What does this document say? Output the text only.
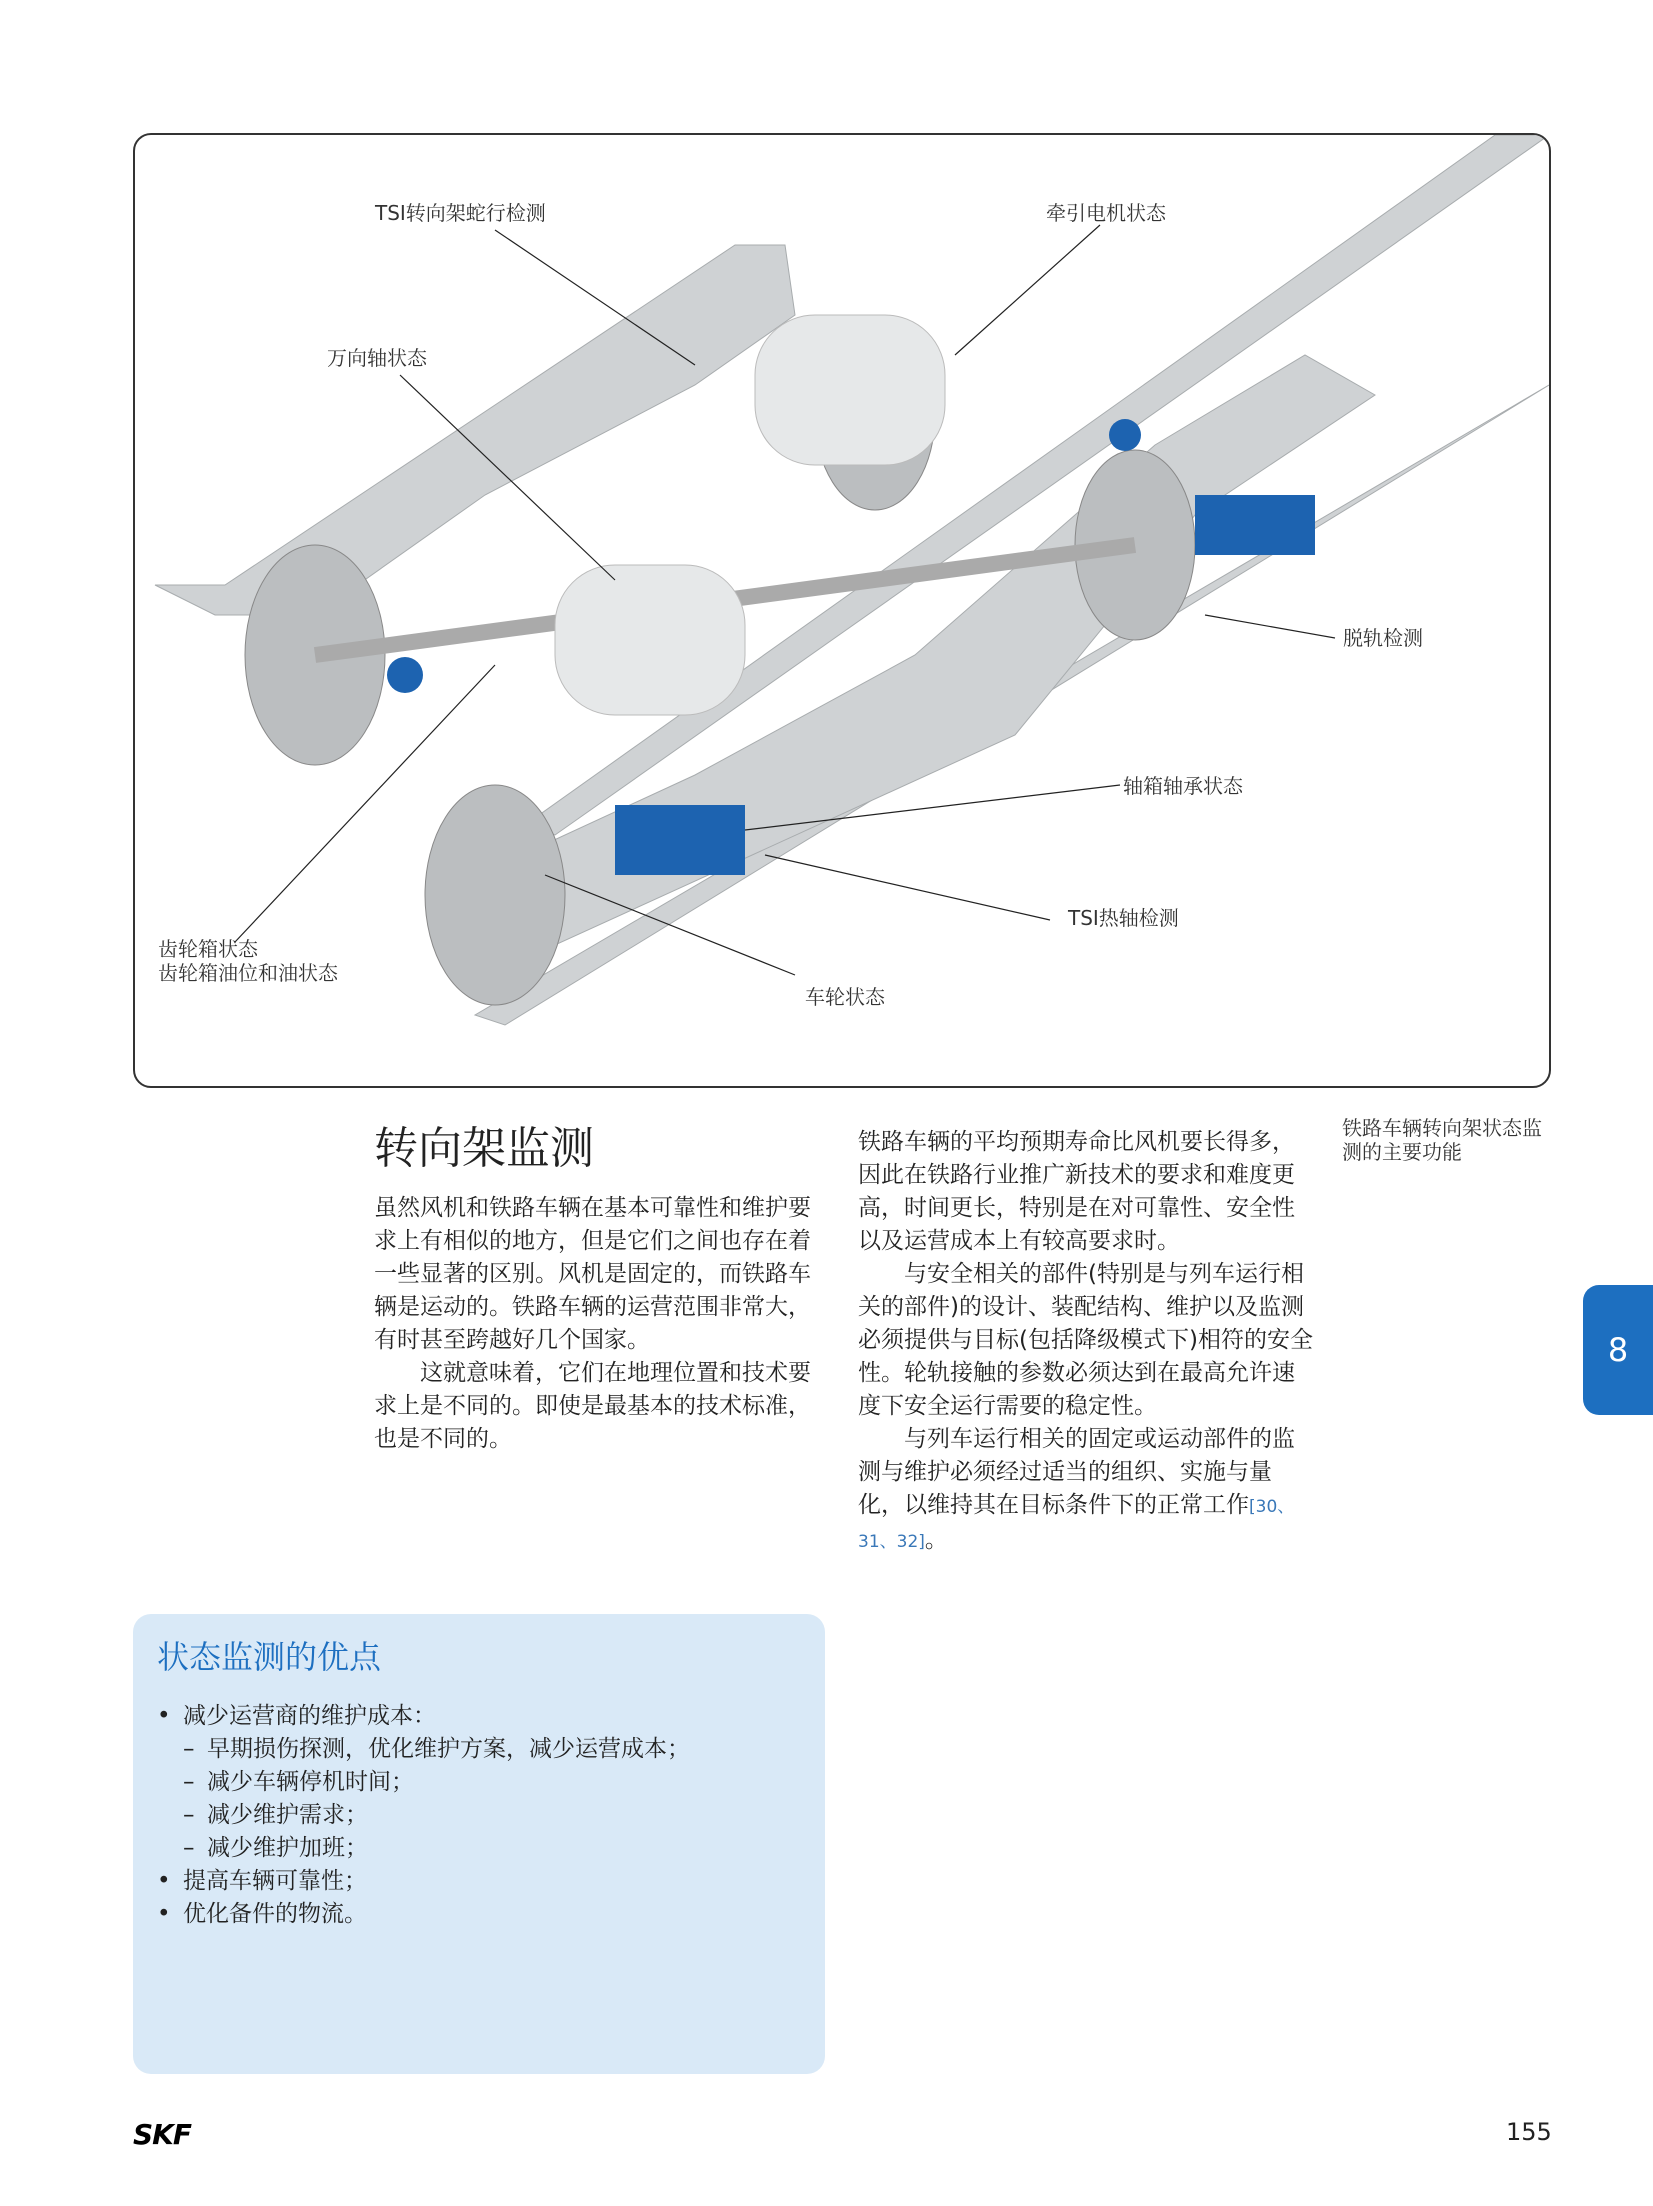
TSI转向架蛇行检测	牵引电机状态
万向轴状态
脱轨检测
轴箱轴承状态
TSI热轴检测
齿轮箱状态
齿轮箱油位和油状态
车轮状态
转向架监测

虽然风机和铁路车辆在基本可靠性和维护要求上有相似的地方，但是它们之间也存在着一些显著的区别。风机是固定的，而铁路车辆是运动的。铁路车辆的运营范围非常大，有时甚至跨越好几个国家。

这就意味着，它们在地理位置和技术要求上是不同的。即使是最基本的技术标准，也是不同的。

铁路车辆的平均预期寿命比风机要长得多，因此在铁路行业推广新技术的要求和难度更高，时间更长，特别是在对可靠性、安全性以及运营成本上有较高要求时。

与安全相关的部件(特别是与列车运行相关的部件)的设计、装配结构、维护以及监测必须提供与目标(包括降级模式下)相符的安全性。轮轨接触的参数必须达到在最高允许速度下安全运行需要的稳定性。

与列车运行相关的固定或运动部件的监测与维护必须经过适当的组织、实施与量化，以维持其在目标条件下的正常工作[30、31、32]。

铁路车辆转向架状态监测的主要功能
8
状态监测的优点
• 减少运营商的维护成本：
– 早期损伤探测，优化维护方案，减少运营成本；
– 减少车辆停机时间；
– 减少维护需求；
– 减少维护加班；
• 提高车辆可靠性；
• 优化备件的物流。
SKF	155
